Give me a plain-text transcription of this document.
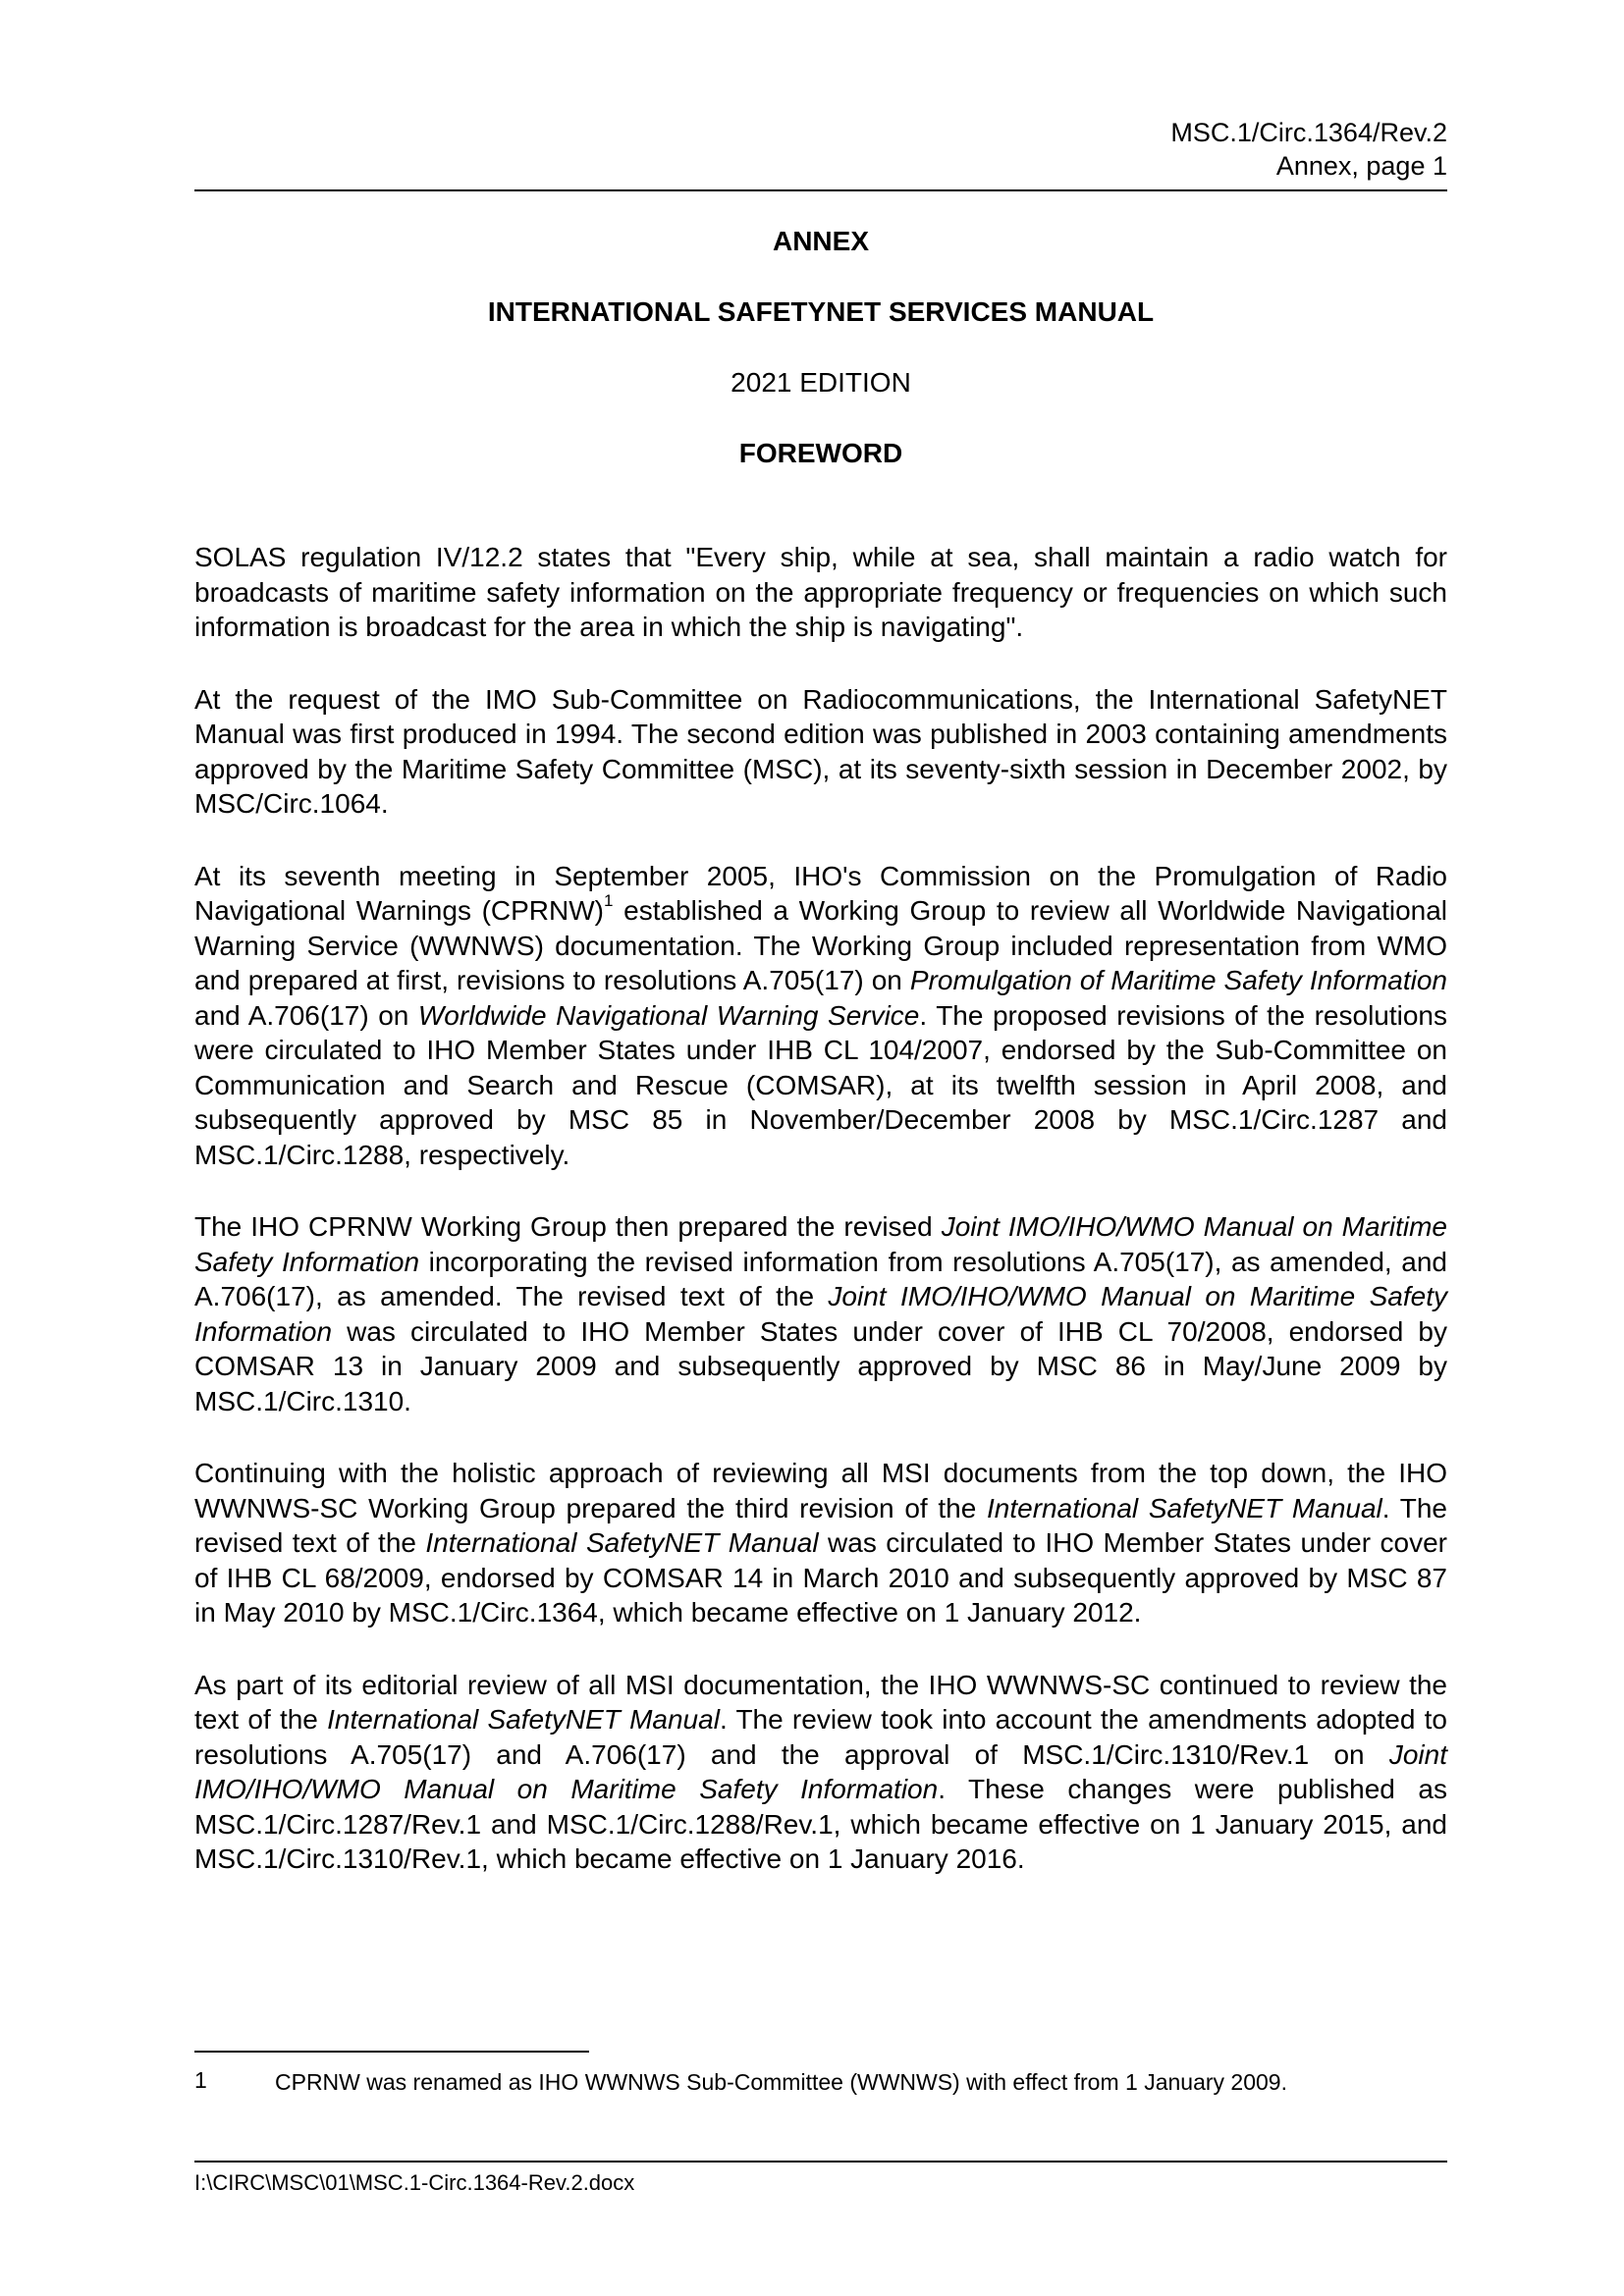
MSC.1/Circ.1364/Rev.2
Annex, page 1
ANNEX
INTERNATIONAL SAFETYNET SERVICES MANUAL
2021 EDITION
FOREWORD

SOLAS regulation IV/12.2 states that "Every ship, while at sea, shall maintain a radio watch for broadcasts of maritime safety information on the appropriate frequency or frequencies on which such information is broadcast for the area in which the ship is navigating".

At the request of the IMO Sub-Committee on Radiocommunications, the International SafetyNET Manual was first produced in 1994. The second edition was published in 2003 containing amendments approved by the Maritime Safety Committee (MSC), at its seventy-sixth session in December 2002, by MSC/Circ.1064.

At its seventh meeting in September 2005, IHO's Commission on the Promulgation of Radio Navigational Warnings (CPRNW)$^1$ established a Working Group to review all Worldwide Navigational Warning Service (WWNWS) documentation. The Working Group included representation from WMO and prepared at first, revisions to resolutions A.705(17) on Promulgation of Maritime Safety Information and A.706(17) on Worldwide Navigational Warning Service. The proposed revisions of the resolutions were circulated to IHO Member States under IHB CL 104/2007, endorsed by the Sub-Committee on Communication and Search and Rescue (COMSAR), at its twelfth session in April 2008, and subsequently approved by MSC 85 in November/December 2008 by MSC.1/Circ.1287 and MSC.1/Circ.1288, respectively.

The IHO CPRNW Working Group then prepared the revised Joint IMO/IHO/WMO Manual on Maritime Safety Information incorporating the revised information from resolutions A.705(17), as amended, and A.706(17), as amended. The revised text of the Joint IMO/IHO/WMO Manual on Maritime Safety Information was circulated to IHO Member States under cover of IHB CL 70/2008, endorsed by COMSAR 13 in January 2009 and subsequently approved by MSC 86 in May/June 2009 by MSC.1/Circ.1310.

Continuing with the holistic approach of reviewing all MSI documents from the top down, the IHO WWNWS-SC Working Group prepared the third revision of the International SafetyNET Manual. The revised text of the International SafetyNET Manual was circulated to IHO Member States under cover of IHB CL 68/2009, endorsed by COMSAR 14 in March 2010 and subsequently approved by MSC 87 in May 2010 by MSC.1/Circ.1364, which became effective on 1 January 2012.

As part of its editorial review of all MSI documentation, the IHO WWNWS-SC continued to review the text of the International SafetyNET Manual. The review took into account the amendments adopted to resolutions A.705(17) and A.706(17) and the approval of MSC.1/Circ.1310/Rev.1 on Joint IMO/IHO/WMO Manual on Maritime Safety Information. These changes were published as MSC.1/Circ.1287/Rev.1 and MSC.1/Circ.1288/Rev.1, which became effective on 1 January 2015, and MSC.1/Circ.1310/Rev.1, which became effective on 1 January 2016.

1	CPRNW was renamed as IHO WWNWS Sub-Committee (WWNWS) with effect from 1 January 2009.
I:\CIRC\MSC\01\MSC.1-Circ.1364-Rev.2.docx
